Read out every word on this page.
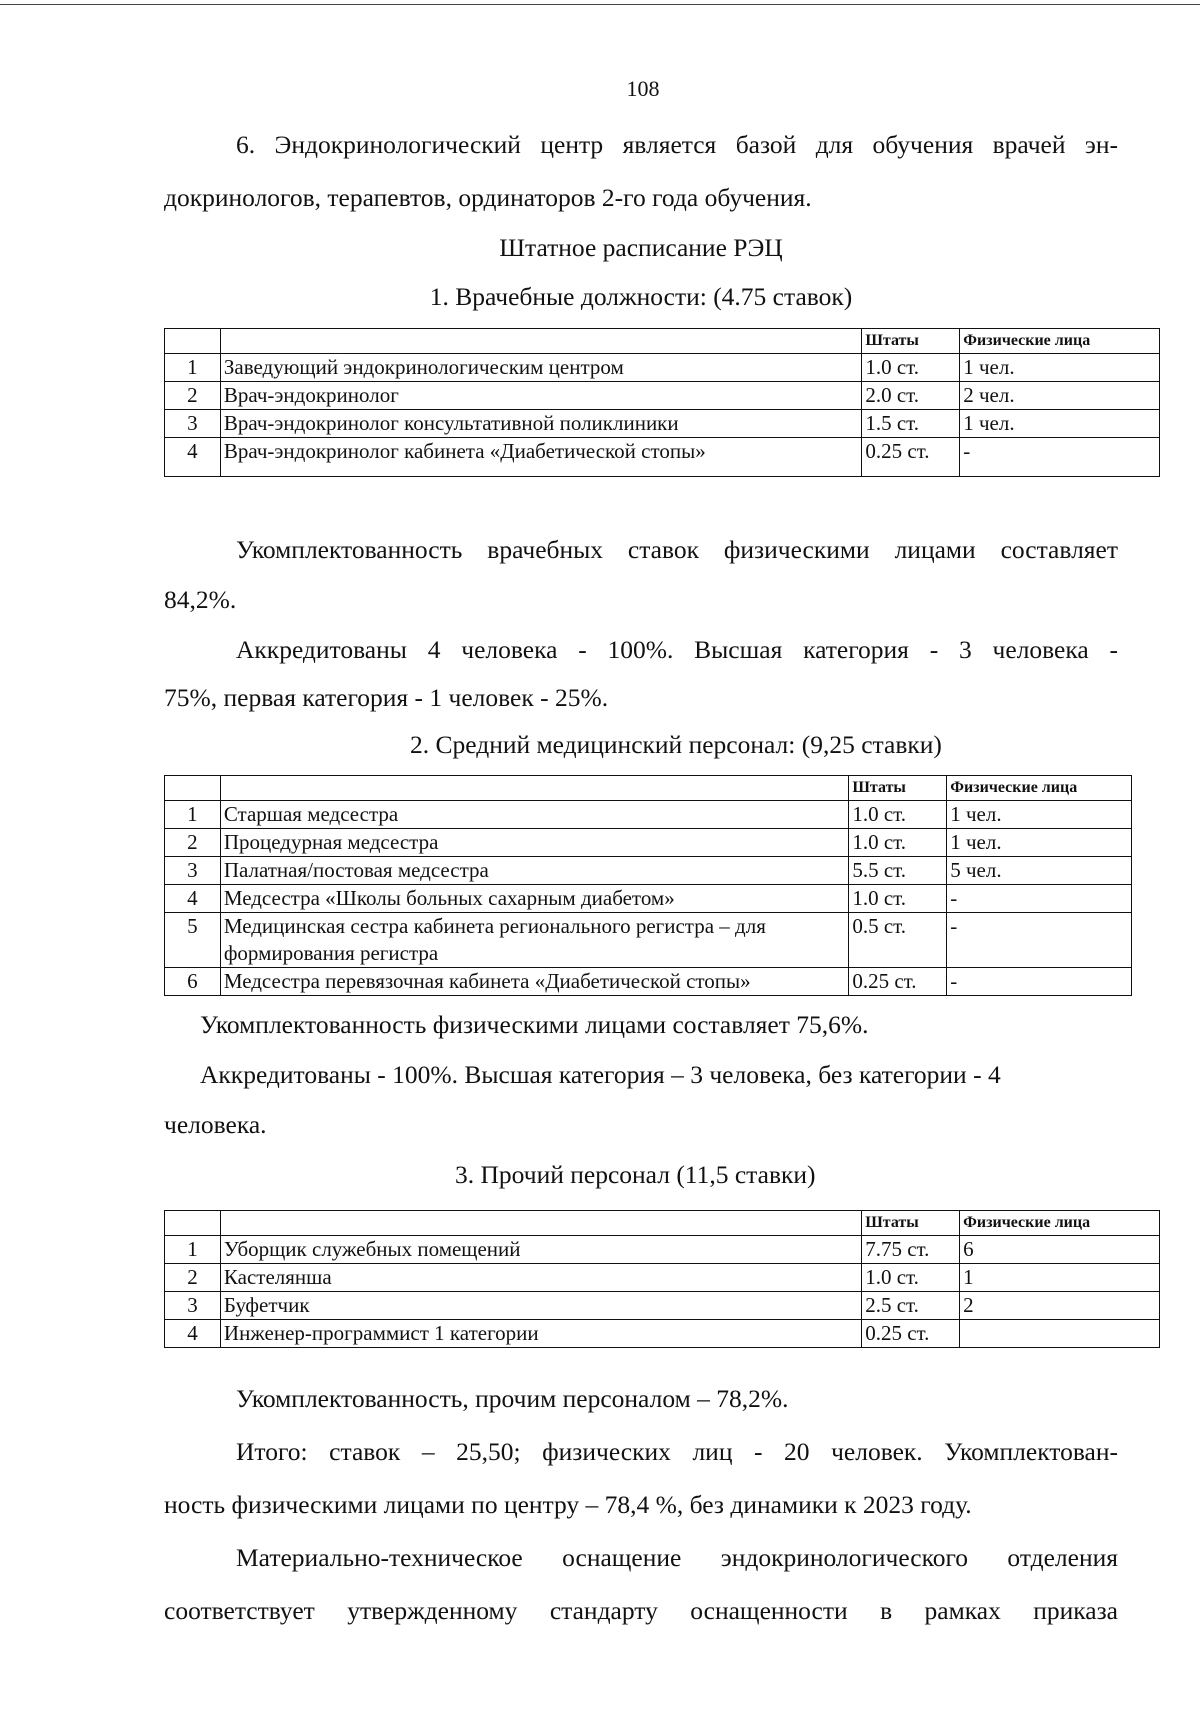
108

6. Эндокринологический центр является базой для обучения врачей эн-

докринологов, терапевтов, ординаторов 2-го года обучения.

Штатное расписание РЭЦ

1. Врачебные должности: (4.75 ставок)

		Штаты	Физические лица
1	Заведующий эндокринологическим центром	1.0 ст.	1 чел.
2	Врач-эндокринолог	2.0 ст.	2 чел.
3	Врач-эндокринолог консультативной поликлиники	1.5 ст.	1 чел.
4	Врач-эндокринолог кабинета «Диабетической стопы»	0.25 ст.	-

Укомплектованность врачебных ставок физическими лицами составляет

84,2%.

Аккредитованы 4 человека - 100%. Высшая категория - 3 человека -

75%, первая категория - 1 человек - 25%.

2. Средний медицинский персонал: (9,25 ставки)

		Штаты	Физические лица
1	Старшая медсестра	1.0 ст.	1 чел.
2	Процедурная медсестра	1.0 ст.	1 чел.
3	Палатная/постовая медсестра	5.5 ст.	5 чел.
4	Медсестра «Школы больных сахарным диабетом»	1.0 ст.	-
5	Медицинская сестра кабинета регионального регистра – для формирования регистра	0.5 ст.	-
6	Медсестра перевязочная кабинета «Диабетической стопы»	0.25 ст.	-

Укомплектованность физическими лицами составляет 75,6%.

Аккредитованы - 100%. Высшая категория – 3 человека, без категории - 4

человека.

3. Прочий персонал (11,5 ставки)

		Штаты	Физические лица
1	Уборщик служебных помещений	7.75 ст.	6
2	Кастелянша	1.0 ст.	1
3	Буфетчик	2.5 ст.	2
4	Инженер-программист 1 категории	0.25 ст.	

Укомплектованность, прочим персоналом – 78,2%.

Итого: ставок – 25,50; физических лиц - 20 человек. Укомплектован-

ность физическими лицами по центру – 78,4 %, без динамики к 2023 году.

Материально-техническое оснащение эндокринологического отделения

соответствует утвержденному стандарту оснащенности в рамках приказа
